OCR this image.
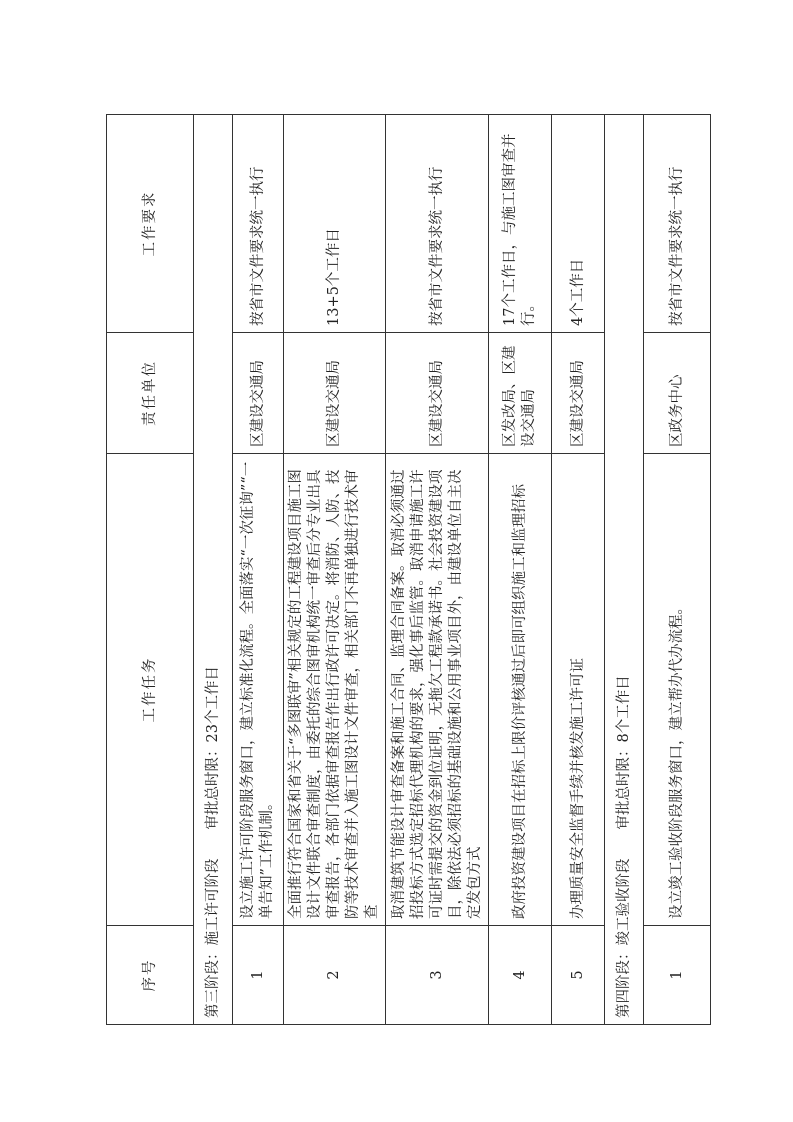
序号	工作任务	责任单位	工作要求
第三阶段：施工许可阶段　　审批总时限：23个工作日			
1	设立施工许可阶段服务窗口，建立标准化流程。全面落实“一次征询”“一单告知”工作机制。	区建设交通局	按省市文件要求统一执行
2	全面推行符合国家和省关于“多图联审”相关规定的工程建设项目施工图设计文件联合审查制度，由委托的综合图审机构统一审查后分专业出具审查报告，各部门依据审查报告作出行政许可决定。将消防、人防、技防等技术审查并入施工图设计文件审查，相关部门不再单独进行技术审查	区建设交通局	13+5个工作日
3	取消建筑节能设计审查备案和施工合同、监理合同备案。取消必须通过招投标方式选定招标代理机构的要求，强化事后监管。取消申请施工许可证时需提交的资金到位证明，无拖欠工程款承诺书。社会投资建设项目，除依法必须招标的基础设施和公用事业项目外，由建设单位自主决定发包方式	区建设交通局	按省市文件要求统一执行
4	政府投资建设项目在招标上限价评核通过后即可组织施工和监理招标	区发改局、区建设交通局	17个工作日，与施工图审查并行。
5	办理质量安全监督手续并核发施工许可证	区建设交通局	4个工作日
第四阶段：竣工验收阶段　　审批总时限：8个工作日			
1	设立竣工验收阶段服务窗口，建立帮办代办流程。	区政务中心	按省市文件要求统一执行
